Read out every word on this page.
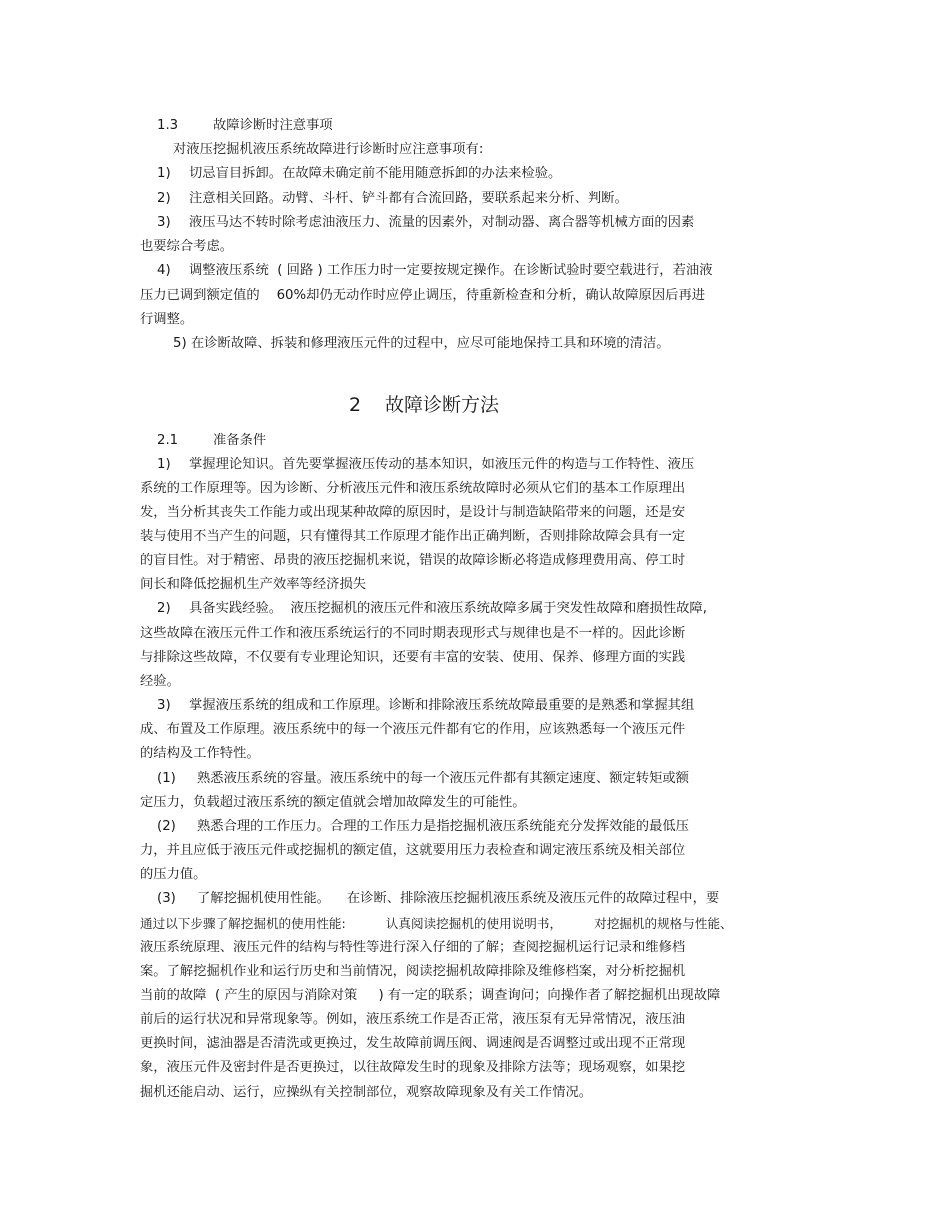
1.3	故障诊断时注意事项
对液压挖掘机液压系统故障进行诊断时应注意事项有:
1) 切忌盲目拆卸。在故障未确定前不能用随意拆卸的办法来检验。
2) 注意相关回路。动臂、斗杆、铲斗都有合流回路，要联系起来分析、判断。
3) 液压马达不转时除考虑油液压力、流量的因素外，对制动器、离合器等机械方面的因素
也要综合考虑。
4) 调整液压系统  ( 回路 ) 工作压力时一定要按规定操作。在诊断试验时要空载进行，若油液
压力已调到额定值的    60%却仍无动作时应停止调压，待重新检查和分析，确认故障原因后再进
行调整。
5) 在诊断故障、拆装和修理液压元件的过程中，应尽可能地保持工具和环境的清洁。
2 故障诊断方法
2.1	准备条件
1) 掌握理论知识。首先要掌握液压传动的基本知识，如液压元件的构造与工作特性、液压
系统的工作原理等。因为诊断、分析液压元件和液压系统故障时必须从它们的基本工作原理出
发，当分析其丧失工作能力或出现某种故障的原因时，是设计与制造缺陷带来的问题，还是安
装与使用不当产生的问题，只有懂得其工作原理才能作出正确判断，否则排除故障会具有一定
的盲目性。对于精密、昂贵的液压挖掘机来说，错误的故障诊断必将造成修理费用高、停工时
间长和降低挖掘机生产效率等经济损失
2) 具备实践经验。  液压挖掘机的液压元件和液压系统故障多属于突发性故障和磨损性故障,
这些故障在液压元件工作和液压系统运行的不同时期表现形式与规律也是不一样的。因此诊断
与排除这些故障，不仅要有专业理论知识，还要有丰富的安装、使用、保养、修理方面的实践
经验。
3) 掌握液压系统的组成和工作原理。诊断和排除液压系统故障最重要的是熟悉和掌握其组
成、布置及工作原理。液压系统中的每一个液压元件都有它的作用，应该熟悉每一个液压元件
的结构及工作特性。
(1) 熟悉液压系统的容量。液压系统中的每一个液压元件都有其额定速度、额定转矩或额
定压力，负载超过液压系统的额定值就会增加故障发生的可能性。
(2) 熟悉合理的工作压力。合理的工作压力是指挖掘机液压系统能充分发挥效能的最低压
力，并且应低于液压元件或挖掘机的额定值，这就要用压力表检查和调定液压系统及相关部位
的压力值。
(3) 了解挖掘机使用性能。    在诊断、排除液压挖掘机液压系统及液压元件的故障过程中，要
通过以下步骤了解挖掘机的使用性能:          认真阅读挖掘机的使用说明书，        对挖掘机的规格与性能、
液压系统原理、液压元件的结构与特性等进行深入仔细的了解；查阅挖掘机运行记录和维修档
案。了解挖掘机作业和运行历史和当前情况，阅读挖掘机故障排除及维修档案，对分析挖掘机
当前的故障  ( 产生的原因与消除对策     ) 有一定的联系；调查询问；向操作者了解挖掘机出现故障
前后的运行状况和异常现象等。例如，液压系统工作是否正常，液压泵有无异常情况，液压油
更换时间，滤油器是否清洗或更换过，发生故障前调压阀、调速阀是否调整过或出现不正常现
象，液压元件及密封件是否更换过，以往故障发生时的现象及排除方法等；现场观察，如果挖
掘机还能启动、运行，应操纵有关控制部位，观察故障现象及有关工作情况。
